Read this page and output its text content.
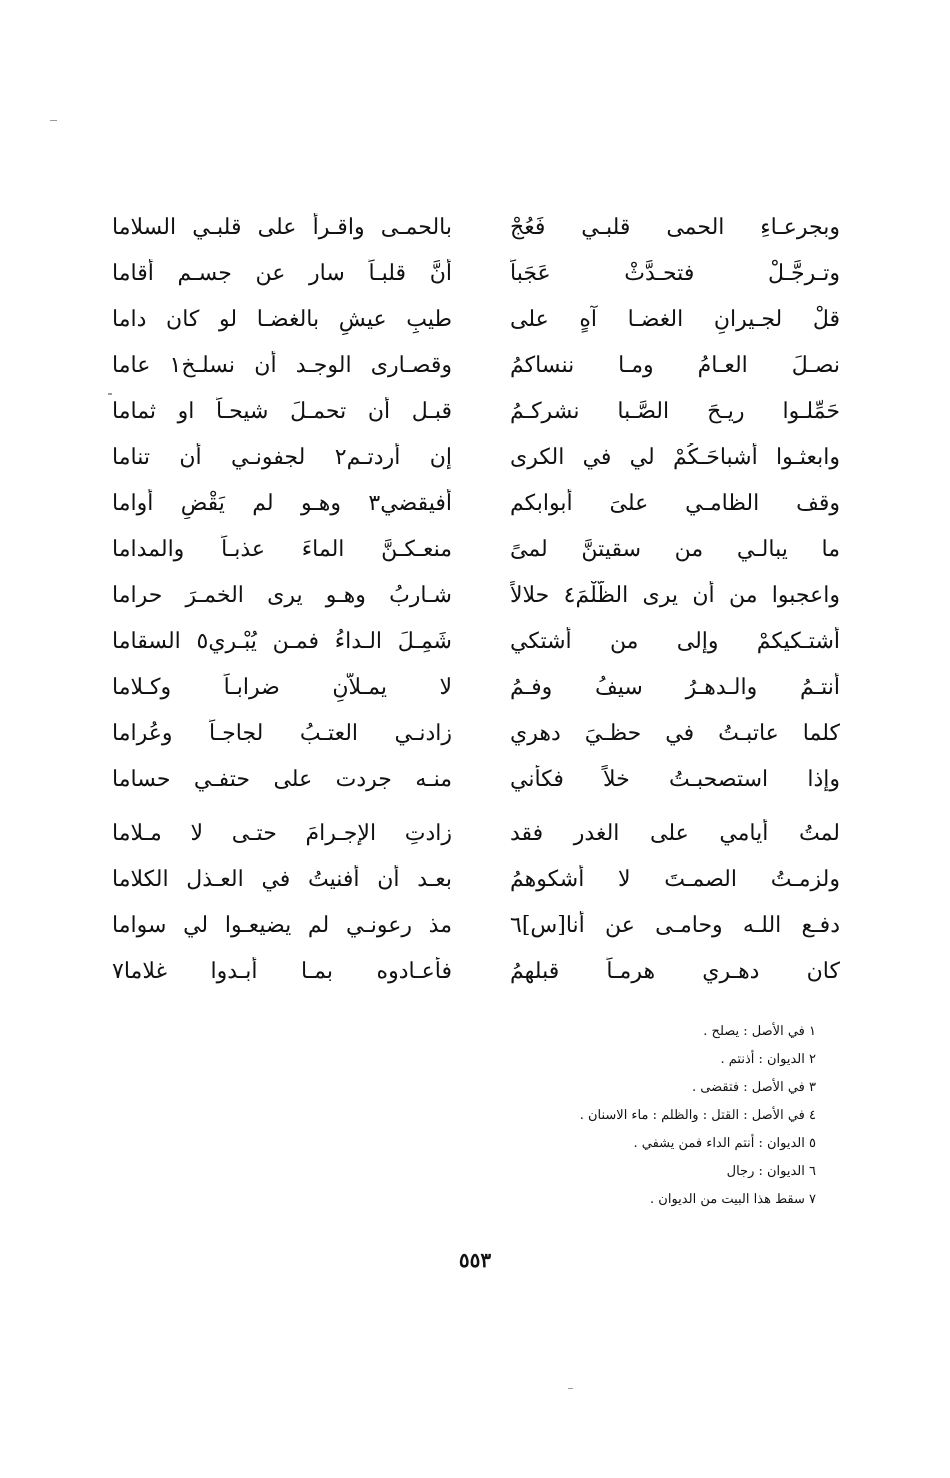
وبجرعـاءِ الحمى قلبـي فَعُجْ
بالحمـى واقـرأ على قلبـي السلاما
وتـرجَّـلْ فتحـدَّثْ عَجَباً
أنَّ قلبـاً سار عن جسـم أقاما
قلْ لجـيرانِ الغضـا آهٍ على
طيبِ عيشٍ بالغضـا لو كان داما
نصـلَ العـامُ ومـا ننساكمُ
وقصـارى الوجـد أن نسلـخ١ عاما
حَمِّلـوا ريـحَ الصَّـبا نشركـمُ
قبـل أن تحمـلَ شيحـاً او ثماما
وابعثـوا أشباحَـكُمْ لي في الكرى
إن أردتـم٢ لجفونـي أن تناما
وقف الظامـي علىَ أبوابكم
أفيقضي٣ وهـو لم يَقْضِ أُواما
ما يبالـي من سقيتنَّ لمىً
منعـكـنَّ الماءَ عذبـاً والمداما
واعجبوا من أن يرى الظَّلْمَ٤ حلالاً
شـاربُ وهـو يرى الخمـرَ حراما
أشتـكيكمْ وإلى من أشتكي
شَمِـلَ الـداءُ فمـن يُبْـري٥ السقاما
أنتـمُ والـدهـرُ سيفُ وفـمُ
لا يمـلاّنِ ضرابـاً وكـلاما
كلما عاتبـتُ في حظـيَ دهري
زادنـي العتـبُ لجاجـاً وعُراما
وإذا استصحبـتُ خلاً فكأني
منـه جردت على حتفـي حساما
لمتُ أيامي على الغدر فقد
زادتِ الإجـرامَ حتـى لا مـلاما
ولزمـتُ الصمـتَ لا أشكوهمُ
بعـد أن أفنيتُ في العـذل الكلاما
دفـع اللـه وحامـى عن أنا[س]٦
مذ رعونـي لم يضيعـوا لي سواما
كان دهـري هرمـاً قبلهمُ
فأعـادوه بمـا أبـدوا غلاما٧
١ في الأصل : يصلح .
٢ الديوان : أذنتم .
٣ في الأصل : فتقضى .
٤ في الأصل : القتل : والظلم : ماء الاسنان .
٥ الديوان : أنتم الداء فمن يشفي .
٦ الديوان : رجال
٧ سقط هذا البيت من الديوان .
٥٥٣
